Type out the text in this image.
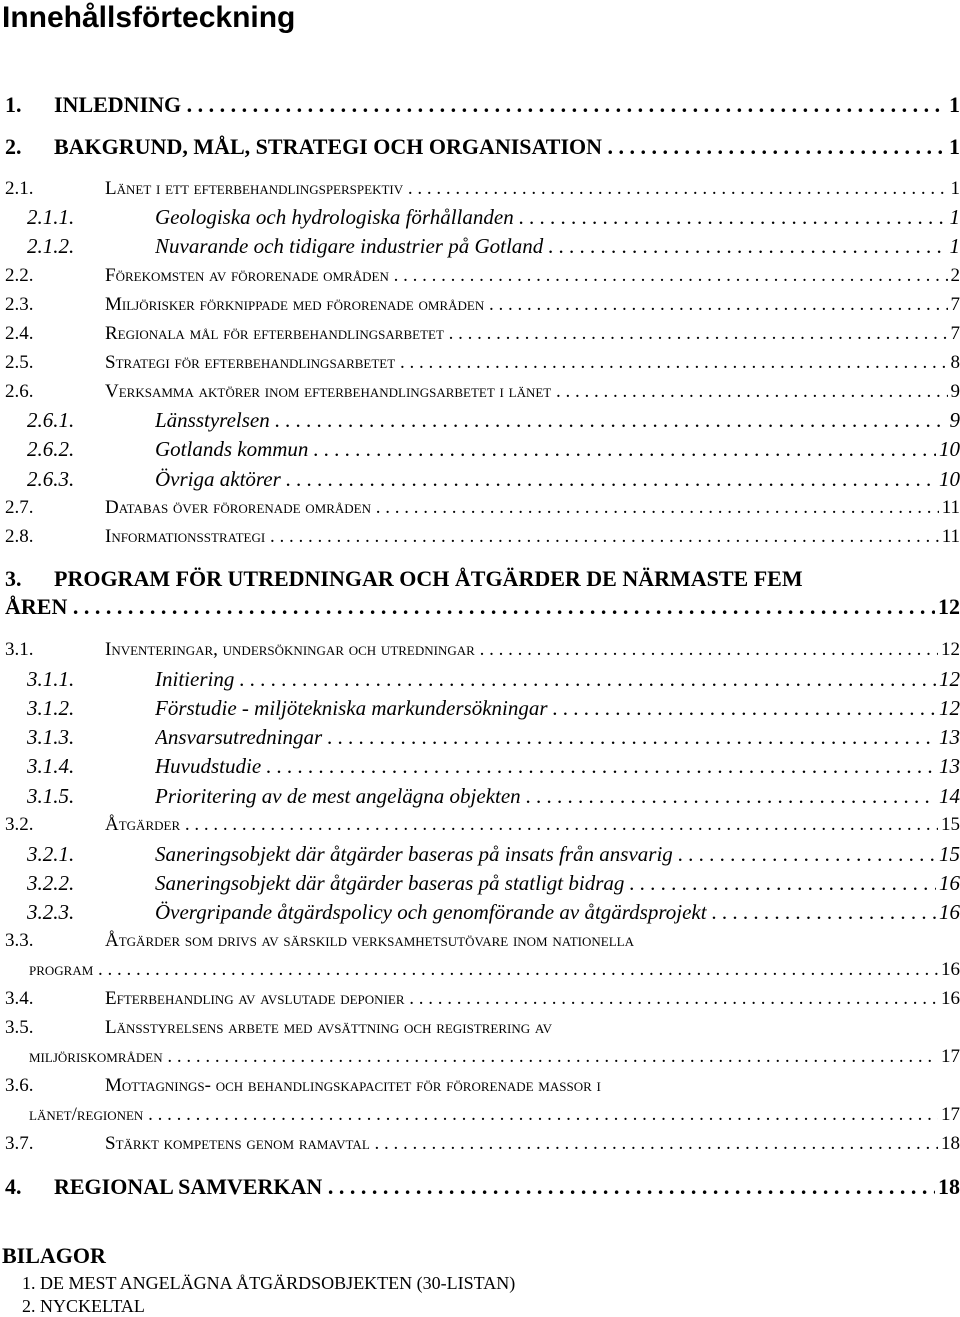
Innehållsförteckning
1. INLEDNING . . .	1
2. BAKGRUND, MÅL, STRATEGI OCH ORGANISATION . . .	1
2.1.	Länet i ett efterbehandlingsperspektiv . . .	1
2.1.1.	Geologiska och hydrologiska förhållanden . . .	1
2.1.2.	Nuvarande och tidigare industrier på Gotland . . .	1
2.2.	Förekomsten av förorenade områden . . .	2
2.3.	Miljörisker förknippade med förorenade områden . . .	7
2.4.	Regionala mål för efterbehandlingsarbetet . . .	7
2.5.	Strategi för efterbehandlingsarbetet . . .	8
2.6.	Verksamma aktörer inom efterbehandlingsarbetet i länet . . .	9
2.6.1.	Länsstyrelsen . . .	9
2.6.2.	Gotlands kommun . . .	10
2.6.3.	Övriga aktörer . . .	10
2.7.	Databas över förorenade områden . . .	11
2.8.	Informationsstrategi . . .	11
3. PROGRAM FÖR UTREDNINGAR OCH ÅTGÄRDER DE NÄRMASTE FEM
ÅREN . . .	12
3.1.	Inventeringar, undersökningar och utredningar . . .	12
3.1.1.	Initiering . . .	12
3.1.2.	Förstudie - miljötekniska markundersökningar . . .	12
3.1.3.	Ansvarsutredningar . . .	13
3.1.4.	Huvudstudie . . .	13
3.1.5.	Prioritering av de mest angelägna objekten . . .	14
3.2.	Åtgärder . . .	15
3.2.1.	Saneringsobjekt där åtgärder baseras på insats från ansvarig . . .	15
3.2.2.	Saneringsobjekt där åtgärder baseras på statligt bidrag . . .	16
3.2.3.	Övergripande åtgärdspolicy och genomförande av åtgärdsprojekt . . .	16
3.3.	Åtgärder som drivs av särskild verksamhetsutövare inom nationella
program . . .	16
3.4.	Efterbehandling av avslutade deponier . . .	16
3.5.	Länsstyrelsens arbete med avsättning och registrering av
miljöriskområden . . .	17
3.6.	Mottagnings- och behandlingskapacitet för förorenade massor i
länet/regionen . . .	17
3.7.	Stärkt kompetens genom ramavtal . . .	18
4. REGIONAL SAMVERKAN . . .	18
BILAGOR
1. DE MEST ANGELÄGNA ÅTGÄRDSOBJEKTEN (30-LISTAN)
2. NYCKELTAL
